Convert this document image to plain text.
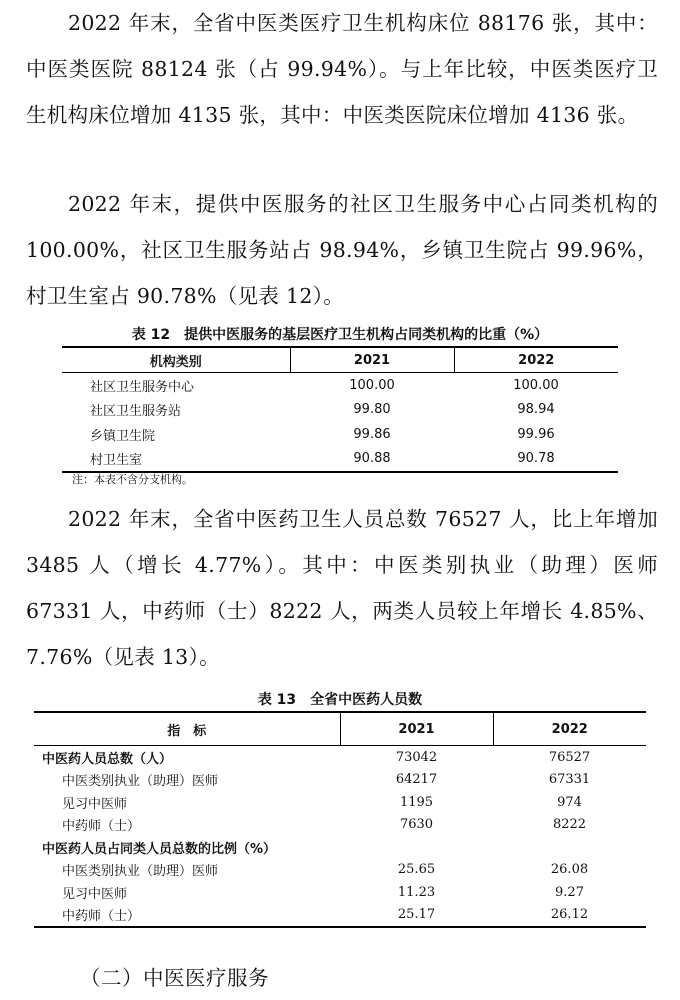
2022 年末，全省中医类医疗卫生机构床位 88176 张，其中：中医类医院 88124 张（占 99.94%）。与上年比较，中医类医疗卫生机构床位增加 4135 张，其中：中医类医院床位增加 4136 张。

2022 年末，提供中医服务的社区卫生服务中心占同类机构的 100.00%，社区卫生服务站占 98.94%，乡镇卫生院占 99.96%，村卫生室占 90.78%（见表 12）。

表 12　提供中医服务的基层医疗卫生机构占同类机构的比重（%）

机构类别	2021	2022
社区卫生服务中心	100.00	100.00
社区卫生服务站	99.80	98.94
乡镇卫生院	99.86	99.96
村卫生室	90.88	90.78

注：本表不含分支机构。

2022 年末，全省中医药卫生人员总数 76527 人，比上年增加 3485 人（增长 4.77%）。其中：中医类别执业（助理）医师 67331 人，中药师（士）8222 人，两类人员较上年增长 4.85%、7.76%（见表 13）。

表 13　全省中医药人员数

指　标	2021	2022
中医药人员总数（人）	73042	76527
中医类别执业（助理）医师	64217	67331
见习中医师	1195	974
中药师（士）	7630	8222
中医药人员占同类人员总数的比例（%）		
中医类别执业（助理）医师	25.65	26.08
见习中医师	11.23	9.27
中药师（士）	25.17	26.12

（二）中医医疗服务
